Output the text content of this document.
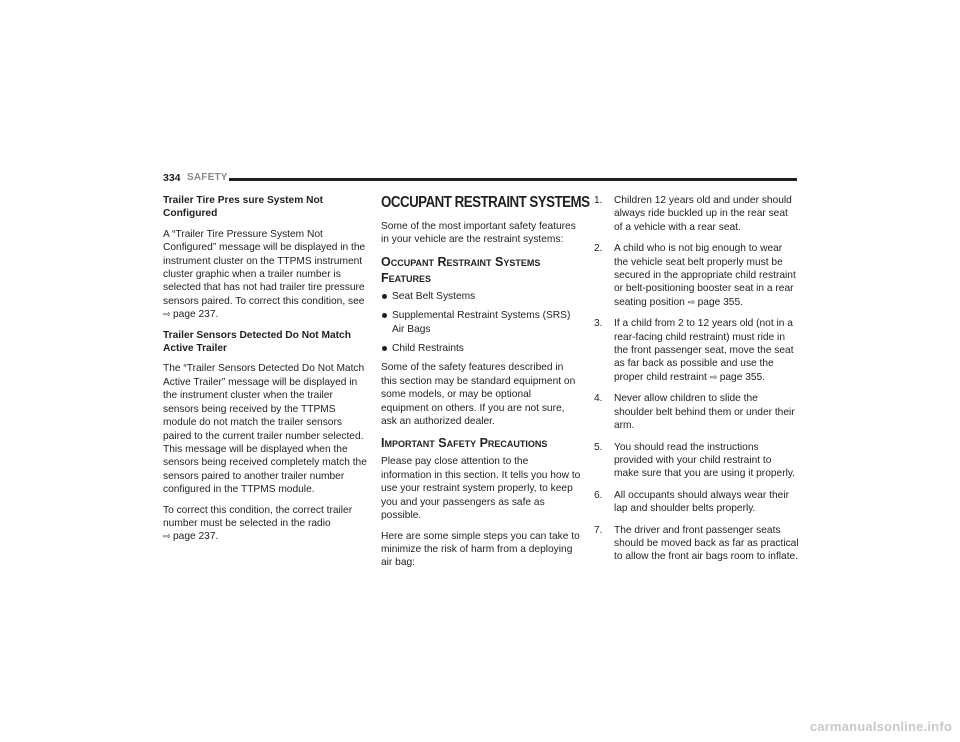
334 SAFETY

Trailer Tire Pres sure System Not Configured

A “Trailer Tire Pressure System Not Configured” message will be displayed in the instrument cluster on the TTPMS instrument cluster graphic when a trailer number is selected that has not had trailer tire pressure sensors paired. To correct this condition, see ⇨ page 237.

Trailer Sensors Detected Do Not Match Active Trailer

The “Trailer Sensors Detected Do Not Match Active Trailer” message will be displayed in the instrument cluster when the trailer sensors being received by the TTPMS module do not match the trailer sensors paired to the current trailer number selected. This message will be displayed when the sensors being received completely match the sensors paired to another trailer number configured in the TTPMS module.

To correct this condition, the correct trailer number must be selected in the radio
⇨ page 237.

OCCUPANT RESTRAINT SYSTEMS

Some of the most important safety features in your vehicle are the restraint systems:

Occupant Restraint Systems Features
Seat Belt Systems
Supplemental Restraint Systems (SRS) Air Bags
Child Restraints

Some of the safety features described in this section may be standard equipment on some models, or may be optional equipment on others. If you are not sure, ask an authorized dealer.

Important Safety Precautions

Please pay close attention to the information in this section. It tells you how to use your restraint system properly, to keep you and your passengers as safe as possible.

Here are some simple steps you can take to minimize the risk of harm from a deploying air bag:

1. Children 12 years old and under should always ride buckled up in the rear seat of a vehicle with a rear seat.
2. A child who is not big enough to wear the vehicle seat belt properly must be secured in the appropriate child restraint or belt-positioning booster seat in a rear seating position ⇨ page 355.
3. If a child from 2 to 12 years old (not in a rear-facing child restraint) must ride in the front passenger seat, move the seat as far back as possible and use the proper child restraint ⇨ page 355.
4. Never allow children to slide the shoulder belt behind them or under their arm.
5. You should read the instructions provided with your child restraint to make sure that you are using it properly.
6. All occupants should always wear their lap and shoulder belts properly.
7. The driver and front passenger seats should be moved back as far as practical to allow the front air bags room to inflate.
carmanualsonline.info
